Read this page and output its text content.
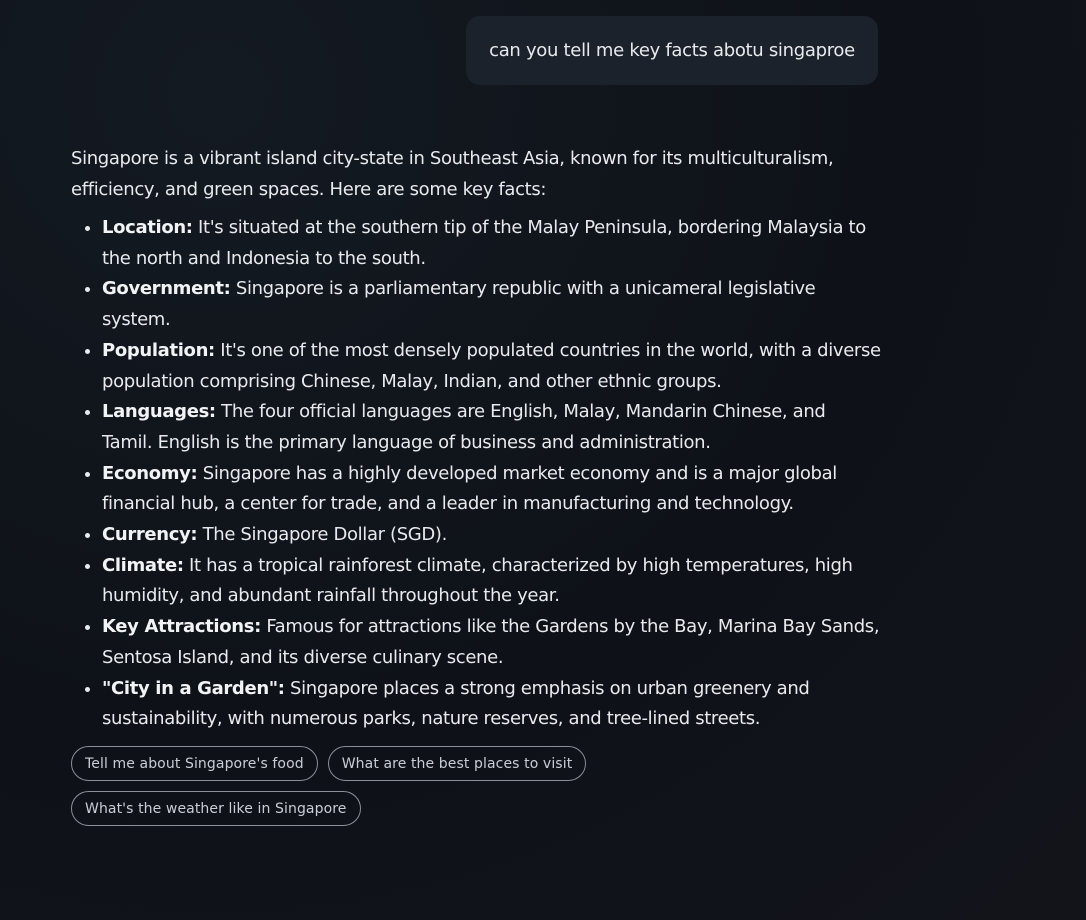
can you tell me key facts abotu singaproe

Singapore is a vibrant island city-state in Southeast Asia, known for its multiculturalism, efficiency, and green spaces. Here are some key facts:

• Location: It's situated at the southern tip of the Malay Peninsula, bordering Malaysia to the north and Indonesia to the south.
• Government: Singapore is a parliamentary republic with a unicameral legislative system.
• Population: It's one of the most densely populated countries in the world, with a diverse population comprising Chinese, Malay, Indian, and other ethnic groups.
• Languages: The four official languages are English, Malay, Mandarin Chinese, and Tamil. English is the primary language of business and administration.
• Economy: Singapore has a highly developed market economy and is a major global financial hub, a center for trade, and a leader in manufacturing and technology.
• Currency: The Singapore Dollar (SGD).
• Climate: It has a tropical rainforest climate, characterized by high temperatures, high humidity, and abundant rainfall throughout the year.
• Key Attractions: Famous for attractions like the Gardens by the Bay, Marina Bay Sands, Sentosa Island, and its diverse culinary scene.
• "City in a Garden": Singapore places a strong emphasis on urban greenery and sustainability, with numerous parks, nature reserves, and tree-lined streets.
Tell me about Singapore's food	What are the best places to visit
What's the weather like in Singapore
